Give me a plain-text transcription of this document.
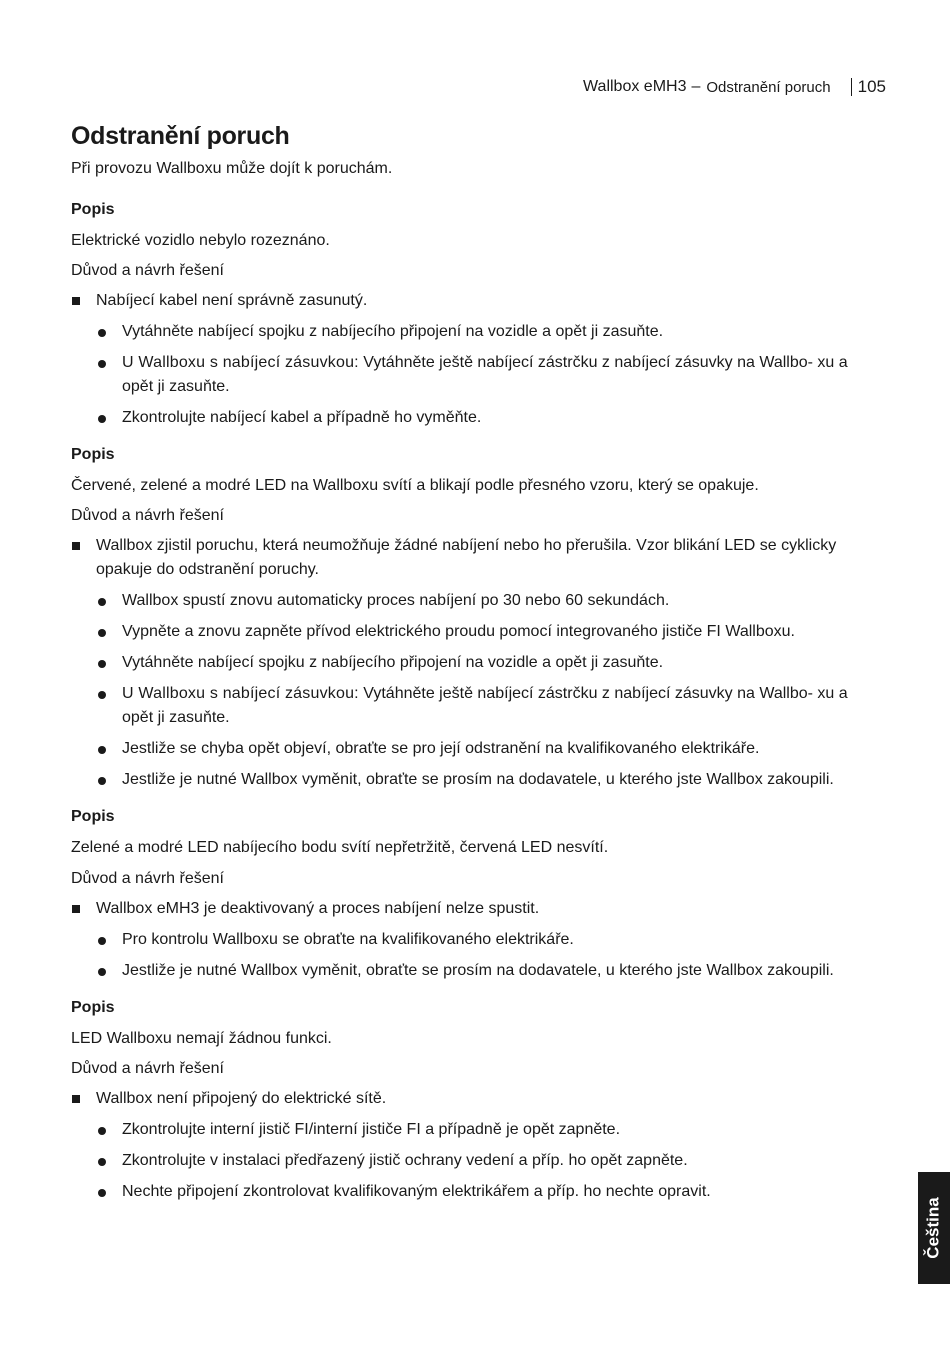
Wallbox eMH3 – Odstranění poruch 105
Odstranění poruch
Při provozu Wallboxu může dojít k poruchám.

Popis

Elektrické vozidlo nebylo rozeznáno.

Důvod a návrh řešení

Nabíjecí kabel není správně zasunutý.
Vytáhněte nabíjecí spojku z nabíjecího připojení na vozidle a opět ji zasuňte.
U Wallboxu s nabíjecí zásuvkou: Vytáhněte ještě nabíjecí zástrčku z nabíjecí zásuvky na Wallbo- xu a opět ji zasuňte.
Zkontrolujte nabíjecí kabel a případně ho vyměňte.

Popis

Červené, zelené a modré LED na Wallboxu svítí a blikají podle přesného vzoru, který se opakuje.

Důvod a návrh řešení

Wallbox zjistil poruchu, která neumožňuje žádné nabíjení nebo ho přerušila. Vzor blikání LED se cyklicky opakuje do odstranění poruchy.
Wallbox spustí znovu automaticky proces nabíjení po 30 nebo 60 sekundách.
Vypněte a znovu zapněte přívod elektrického proudu pomocí integrovaného jističe FI Wallboxu.
Vytáhněte nabíjecí spojku z nabíjecího připojení na vozidle a opět ji zasuňte.
U Wallboxu s nabíjecí zásuvkou: Vytáhněte ještě nabíjecí zástrčku z nabíjecí zásuvky na Wallbo- xu a opět ji zasuňte.
Jestliže se chyba opět objeví, obraťte se pro její odstranění na kvalifikovaného elektrikáře.
Jestliže je nutné Wallbox vyměnit, obraťte se prosím na dodavatele, u kterého jste Wallbox zakoupili.

Popis

Zelené a modré LED nabíjecího bodu svítí nepřetržitě, červená LED nesvítí.

Důvod a návrh řešení

Wallbox eMH3 je deaktivovaný a proces nabíjení nelze spustit.
Pro kontrolu Wallboxu se obraťte na kvalifikovaného elektrikáře.
Jestliže je nutné Wallbox vyměnit, obraťte se prosím na dodavatele, u kterého jste Wallbox zakoupili.

Popis

LED Wallboxu nemají žádnou funkci.

Důvod a návrh řešení

Wallbox není připojený do elektrické sítě.
Zkontrolujte interní jistič FI/interní jističe FI a případně je opět zapněte.
Zkontrolujte v instalaci předřazený jistič ochrany vedení a příp. ho opět zapněte.
Nechte připojení zkontrolovat kvalifikovaným elektrikářem a příp. ho nechte opravit.
Čeština
